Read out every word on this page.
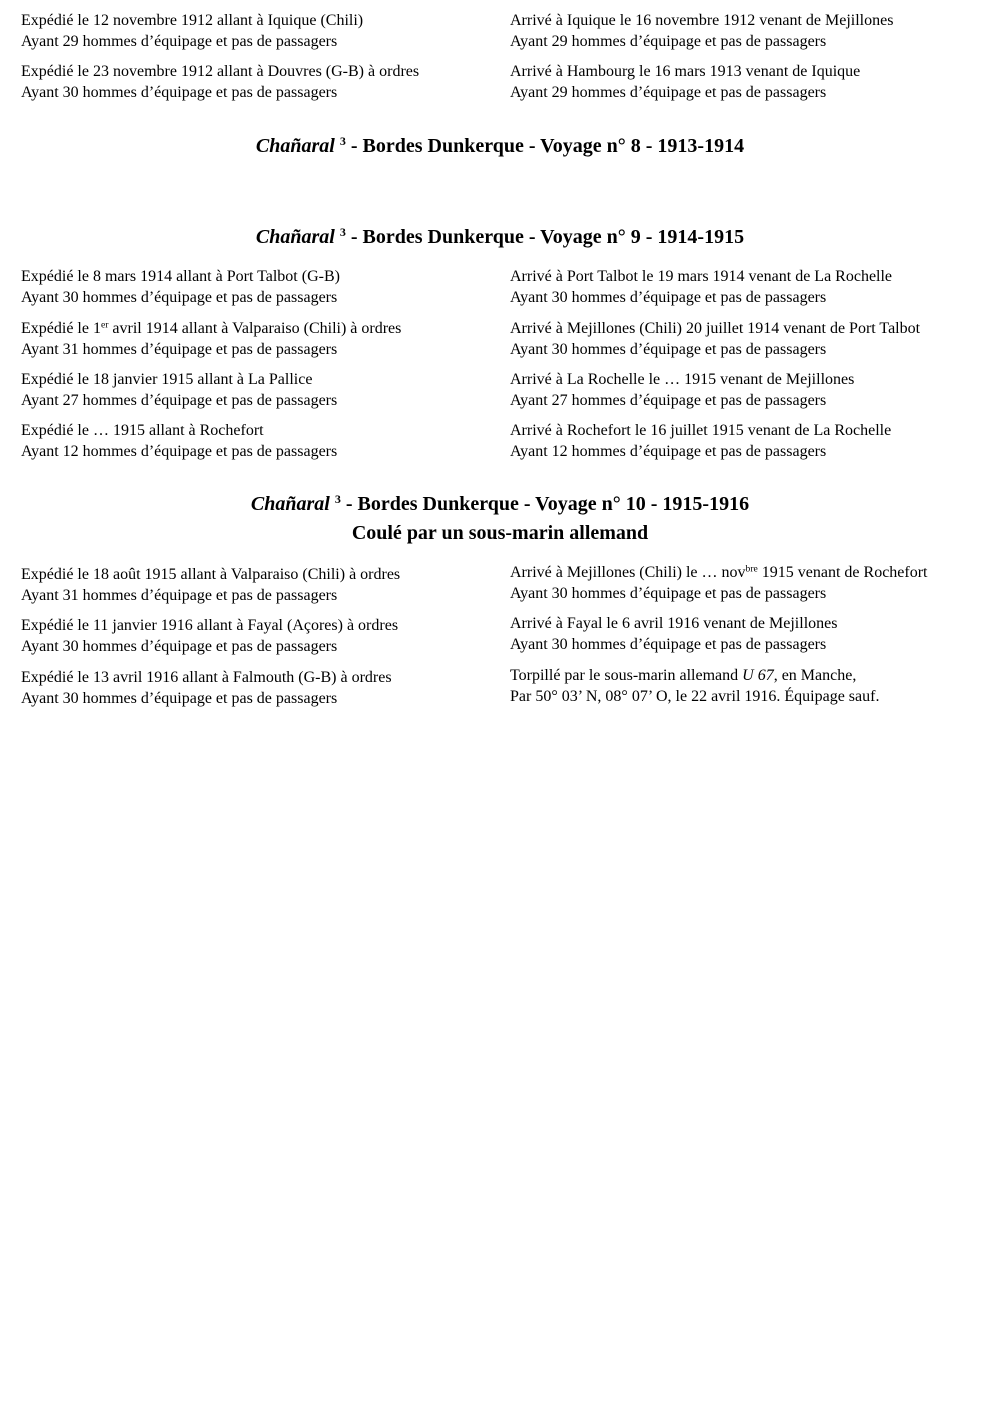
Expédié le 12 novembre 1912 allant à Iquique (Chili)
Ayant 29 hommes d’équipage et pas de passagers
Arrivé à Iquique le 16 novembre 1912 venant de Mejillones
Ayant 29 hommes d’équipage et pas de passagers
Expédié le 23 novembre 1912 allant à Douvres (G-B) à ordres
Ayant 30 hommes d’équipage et pas de passagers
Arrivé à Hambourg le 16 mars 1913 venant de Iquique
Ayant 29 hommes d’équipage et pas de passagers
Chañaral $^3$ - Bordes Dunkerque - Voyage n° 8 - 1913-1914
Chañaral $^3$ - Bordes Dunkerque - Voyage n° 9 - 1914-1915
Expédié le 8 mars 1914 allant à Port Talbot (G-B)
Ayant 30 hommes d’équipage et pas de passagers
Arrivé à Port Talbot le 19 mars 1914 venant de La Rochelle
Ayant 30 hommes d’équipage et pas de passagers
Expédié le 1er avril 1914 allant à Valparaiso (Chili) à ordres
Ayant 31 hommes d’équipage et pas de passagers
Arrivé à Mejillones (Chili) 20 juillet 1914 venant de Port Talbot
Ayant 30 hommes d’équipage et pas de passagers
Expédié le 18 janvier 1915 allant à La Pallice
Ayant 27 hommes d’équipage et pas de passagers
Arrivé à La Rochelle le … 1915 venant de Mejillones
Ayant 27 hommes d’équipage et pas de passagers
Expédié le … 1915 allant à Rochefort
Ayant 12 hommes d’équipage et pas de passagers
Arrivé à Rochefort le 16 juillet 1915 venant de La Rochelle
Ayant 12 hommes d’équipage et pas de passagers
Chañaral $^3$ - Bordes Dunkerque - Voyage n° 10 - 1915-1916
Coulé par un sous-marin allemand
Expédié le 18 août 1915 allant à Valparaiso (Chili) à ordres
Ayant 31 hommes d’équipage et pas de passagers
Arrivé à Mejillones (Chili) le … nov$^{bre}$ 1915 venant de Rochefort
Ayant 30 hommes d’équipage et pas de passagers
Expédié le 11 janvier 1916 allant à Fayal (Açores) à ordres
Ayant 30 hommes d’équipage et pas de passagers
Arrivé à Fayal le 6 avril 1916 venant de Mejillones
Ayant 30 hommes d’équipage et pas de passagers
Expédié le 13 avril 1916 allant à Falmouth (G-B) à ordres
Ayant 30 hommes d’équipage et pas de passagers
Torpillé par le sous-marin allemand U 67, en Manche,
Par 50° 03’ N, 08° 07’ O, le 22 avril 1916. Équipage sauf.
